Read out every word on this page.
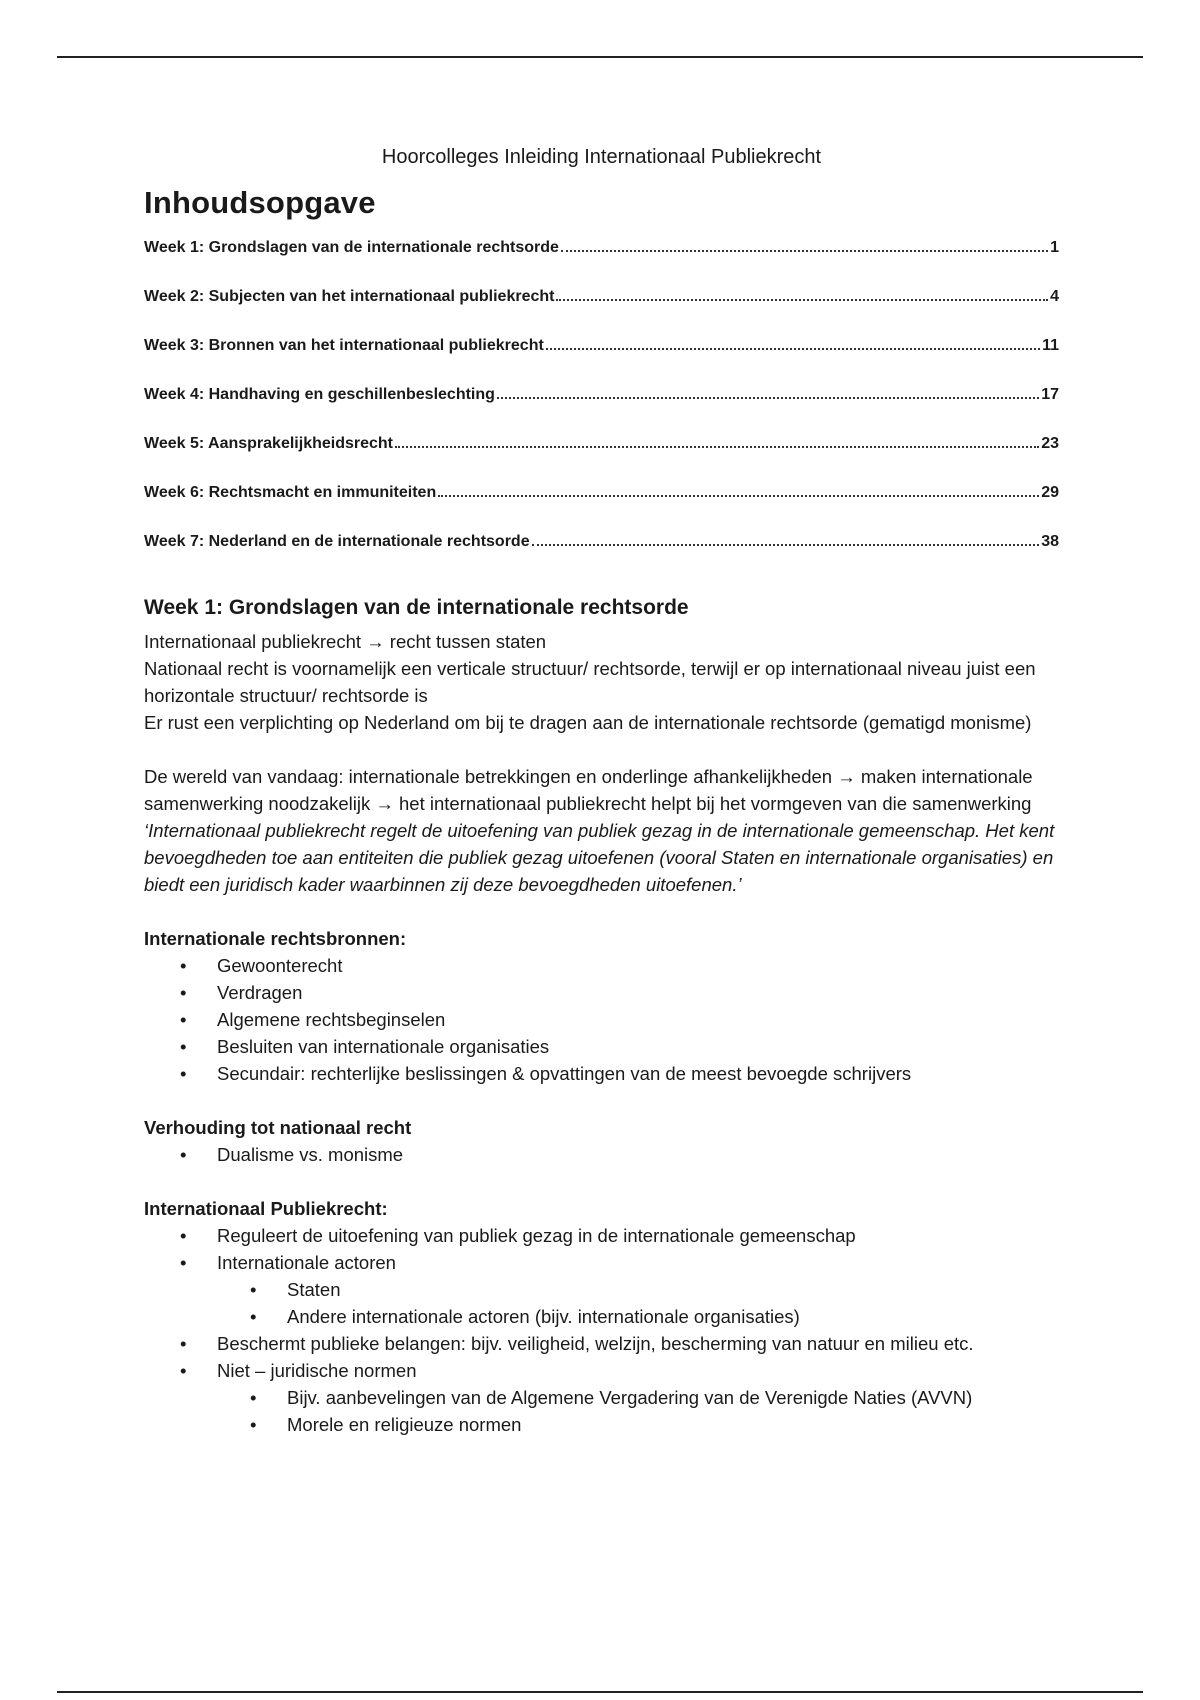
Hoorcolleges Inleiding Internationaal Publiekrecht
Inhoudsopgave
Week 1: Grondslagen van de internationale rechtsorde	1
Week 2: Subjecten van het internationaal publiekrecht	4
Week 3: Bronnen van het internationaal publiekrecht	11
Week 4: Handhaving en geschillenbeslechting	17
Week 5: Aansprakelijkheidsrecht	23
Week 6: Rechtsmacht en immuniteiten	29
Week 7: Nederland en de internationale rechtsorde	38
Week 1: Grondslagen van de internationale rechtsorde

Internationaal publiekrecht → recht tussen staten

Nationaal recht is voornamelijk een verticale structuur/ rechtsorde, terwijl er op internationaal niveau juist een horizontale structuur/ rechtsorde is

Er rust een verplichting op Nederland om bij te dragen aan de internationale rechtsorde (gematigd monisme)

De wereld van vandaag: internationale betrekkingen en onderlinge afhankelijkheden → maken internationale samenwerking noodzakelijk → het internationaal publiekrecht helpt bij het vormgeven van die samenwerking

‘Internationaal publiekrecht regelt de uitoefening van publiek gezag in de internationale gemeenschap. Het kent bevoegdheden toe aan entiteiten die publiek gezag uitoefenen (vooral Staten en internationale organisaties) en biedt een juridisch kader waarbinnen zij deze bevoegdheden uitoefenen.’

Internationale rechtsbronnen:
• Gewoonterecht
• Verdragen
• Algemene rechtsbeginselen
• Besluiten van internationale organisaties
• Secundair: rechterlijke beslissingen & opvattingen van de meest bevoegde schrijvers
Verhouding tot nationaal recht
• Dualisme vs. monisme
Internationaal Publiekrecht:
• Reguleert de uitoefening van publiek gezag in de internationale gemeenschap
• Internationale actoren
• Staten
• Andere internationale actoren (bijv. internationale organisaties)
• Beschermt publieke belangen: bijv. veiligheid, welzijn, bescherming van natuur en milieu etc.
• Niet – juridische normen
• Bijv. aanbevelingen van de Algemene Vergadering van de Verenigde Naties (AVVN)
• Morele en religieuze normen
